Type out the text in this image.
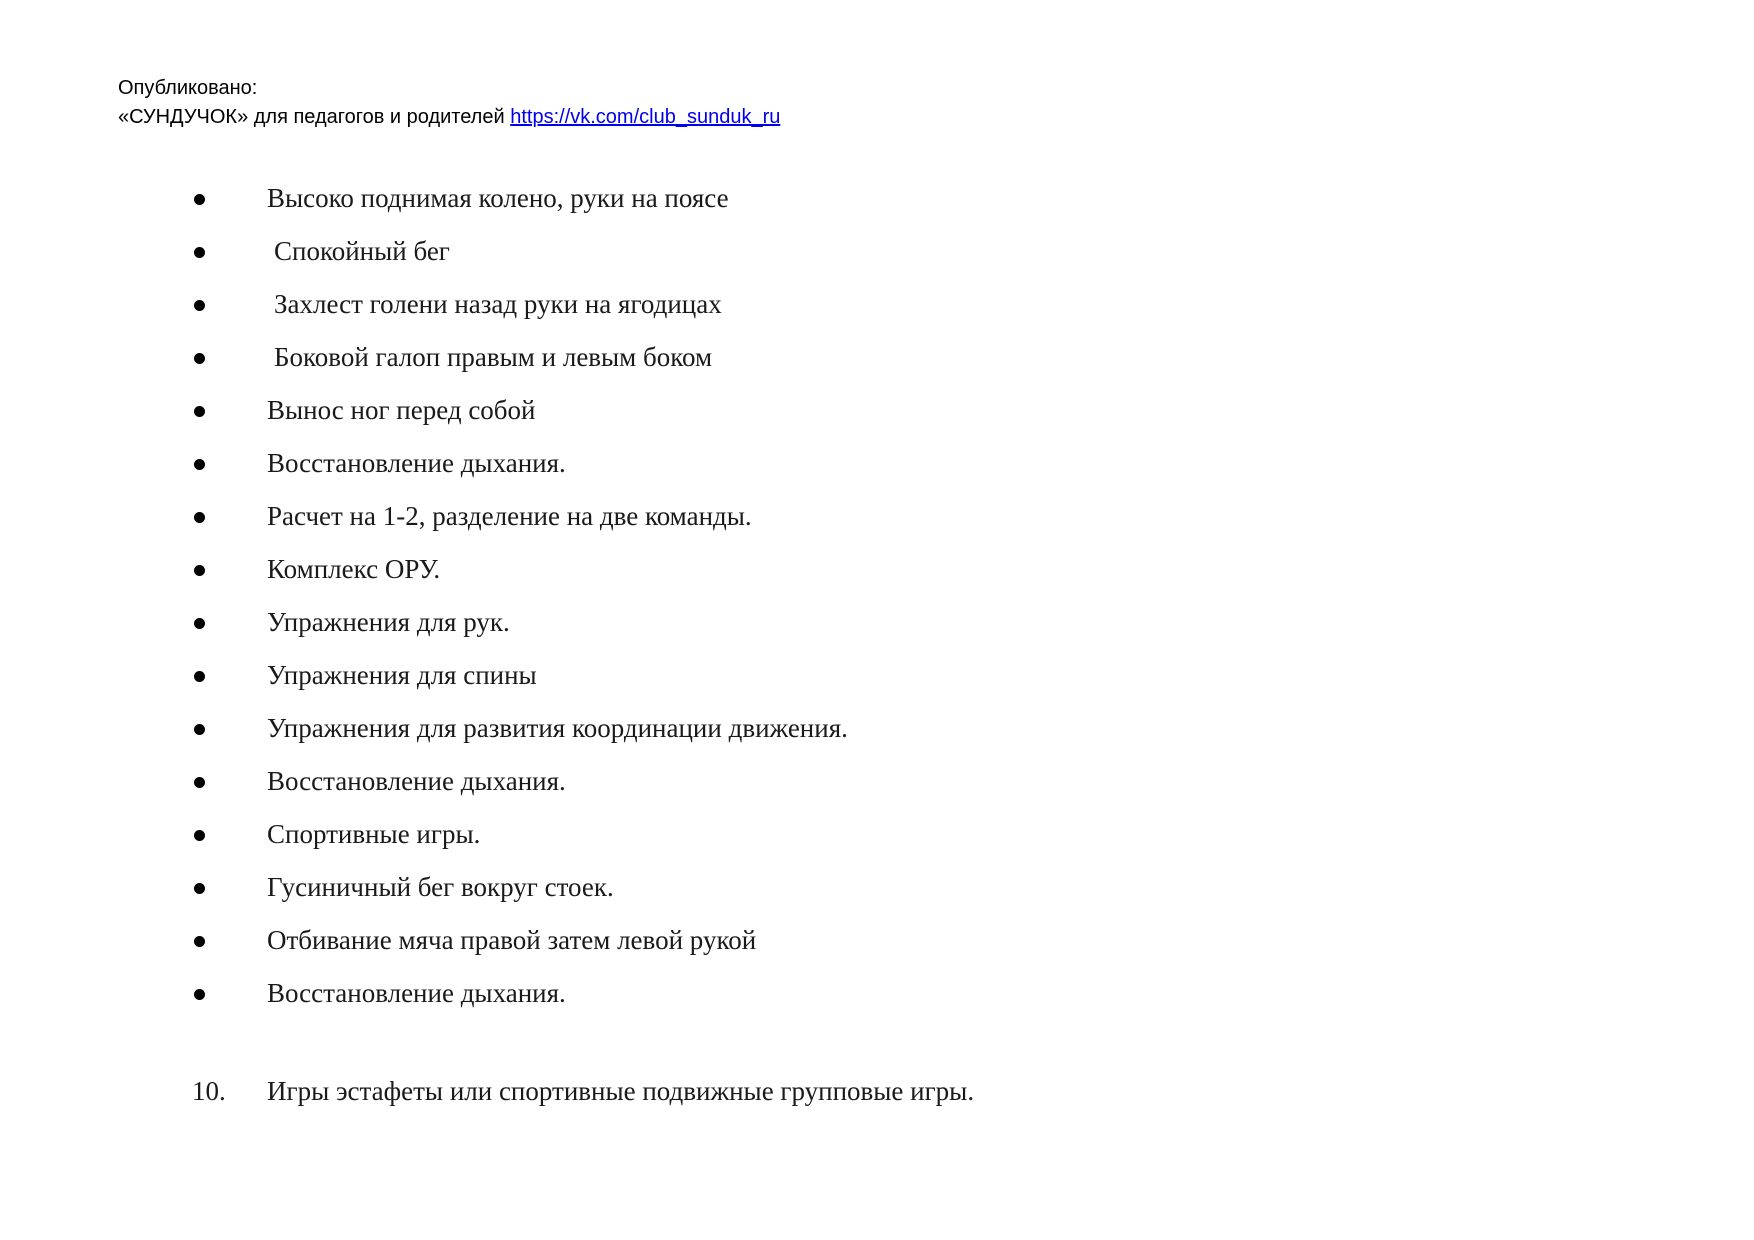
Опубликовано:
«СУНДУЧОК» для педагогов и родителей https://vk.com/club_sunduk_ru
Высоко поднимая колено, руки на поясе
Спокойный бег
Захлест голени назад руки на ягодицах
Боковой галоп правым и левым боком
Вынос ног перед собой
Восстановление дыхания.
Расчет на 1-2, разделение на две команды.
Комплекс ОРУ.
Упражнения для рук.
Упражнения для спины
Упражнения для развития координации движения.
Восстановление дыхания.
Спортивные игры.
Гусиничный бег вокруг стоек.
Отбивание мяча правой затем левой рукой
Восстановление дыхания.
10. Игры эстафеты или спортивные подвижные групповые игры.
